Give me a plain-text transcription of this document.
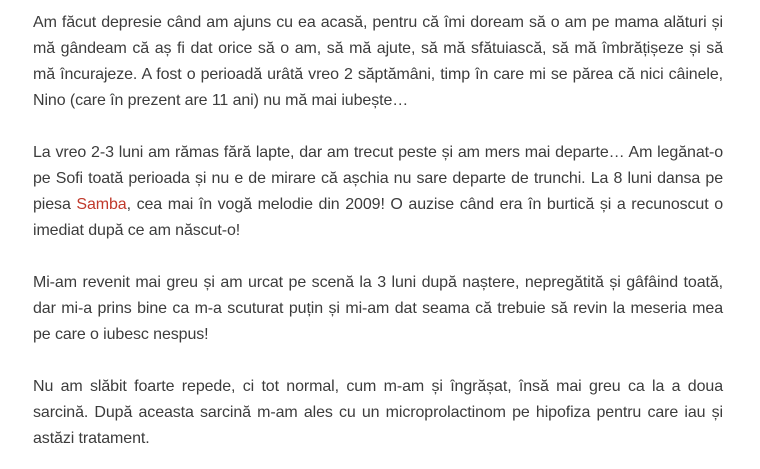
Am făcut depresie când am ajuns cu ea acasă, pentru că îmi doream să o am pe mama alături și mă gândeam că aș fi dat orice să o am, să mă ajute, să mă sfătuiască, să mă îmbrățișeze și să mă încurajeze. A fost o perioadă urâtă vreo 2 săptămâni, timp în care mi se părea că nici câinele, Nino (care în prezent are 11 ani) nu mă mai iubește…

La vreo 2-3 luni am rămas fără lapte, dar am trecut peste și am mers mai departe… Am legănat-o pe Sofi toată perioada și nu e de mirare că așchia nu sare departe de trunchi. La 8 luni dansa pe piesa Samba, cea mai în vogă melodie din 2009! O auzise când era în burtică și a recunoscut o imediat după ce am născut-o!

Mi-am revenit mai greu și am urcat pe scenă la 3 luni după naștere, nepregătită și gâfâind toată, dar mi-a prins bine ca m-a scuturat puțin și mi-am dat seama că trebuie să revin la meseria mea pe care o iubesc nespus!

Nu am slăbit foarte repede, ci tot normal, cum m-am și îngrășat, însă mai greu ca la a doua sarcină. După aceasta sarcină m-am ales cu un microprolactinom pe hipofiza pentru care iau și astăzi tratament.
